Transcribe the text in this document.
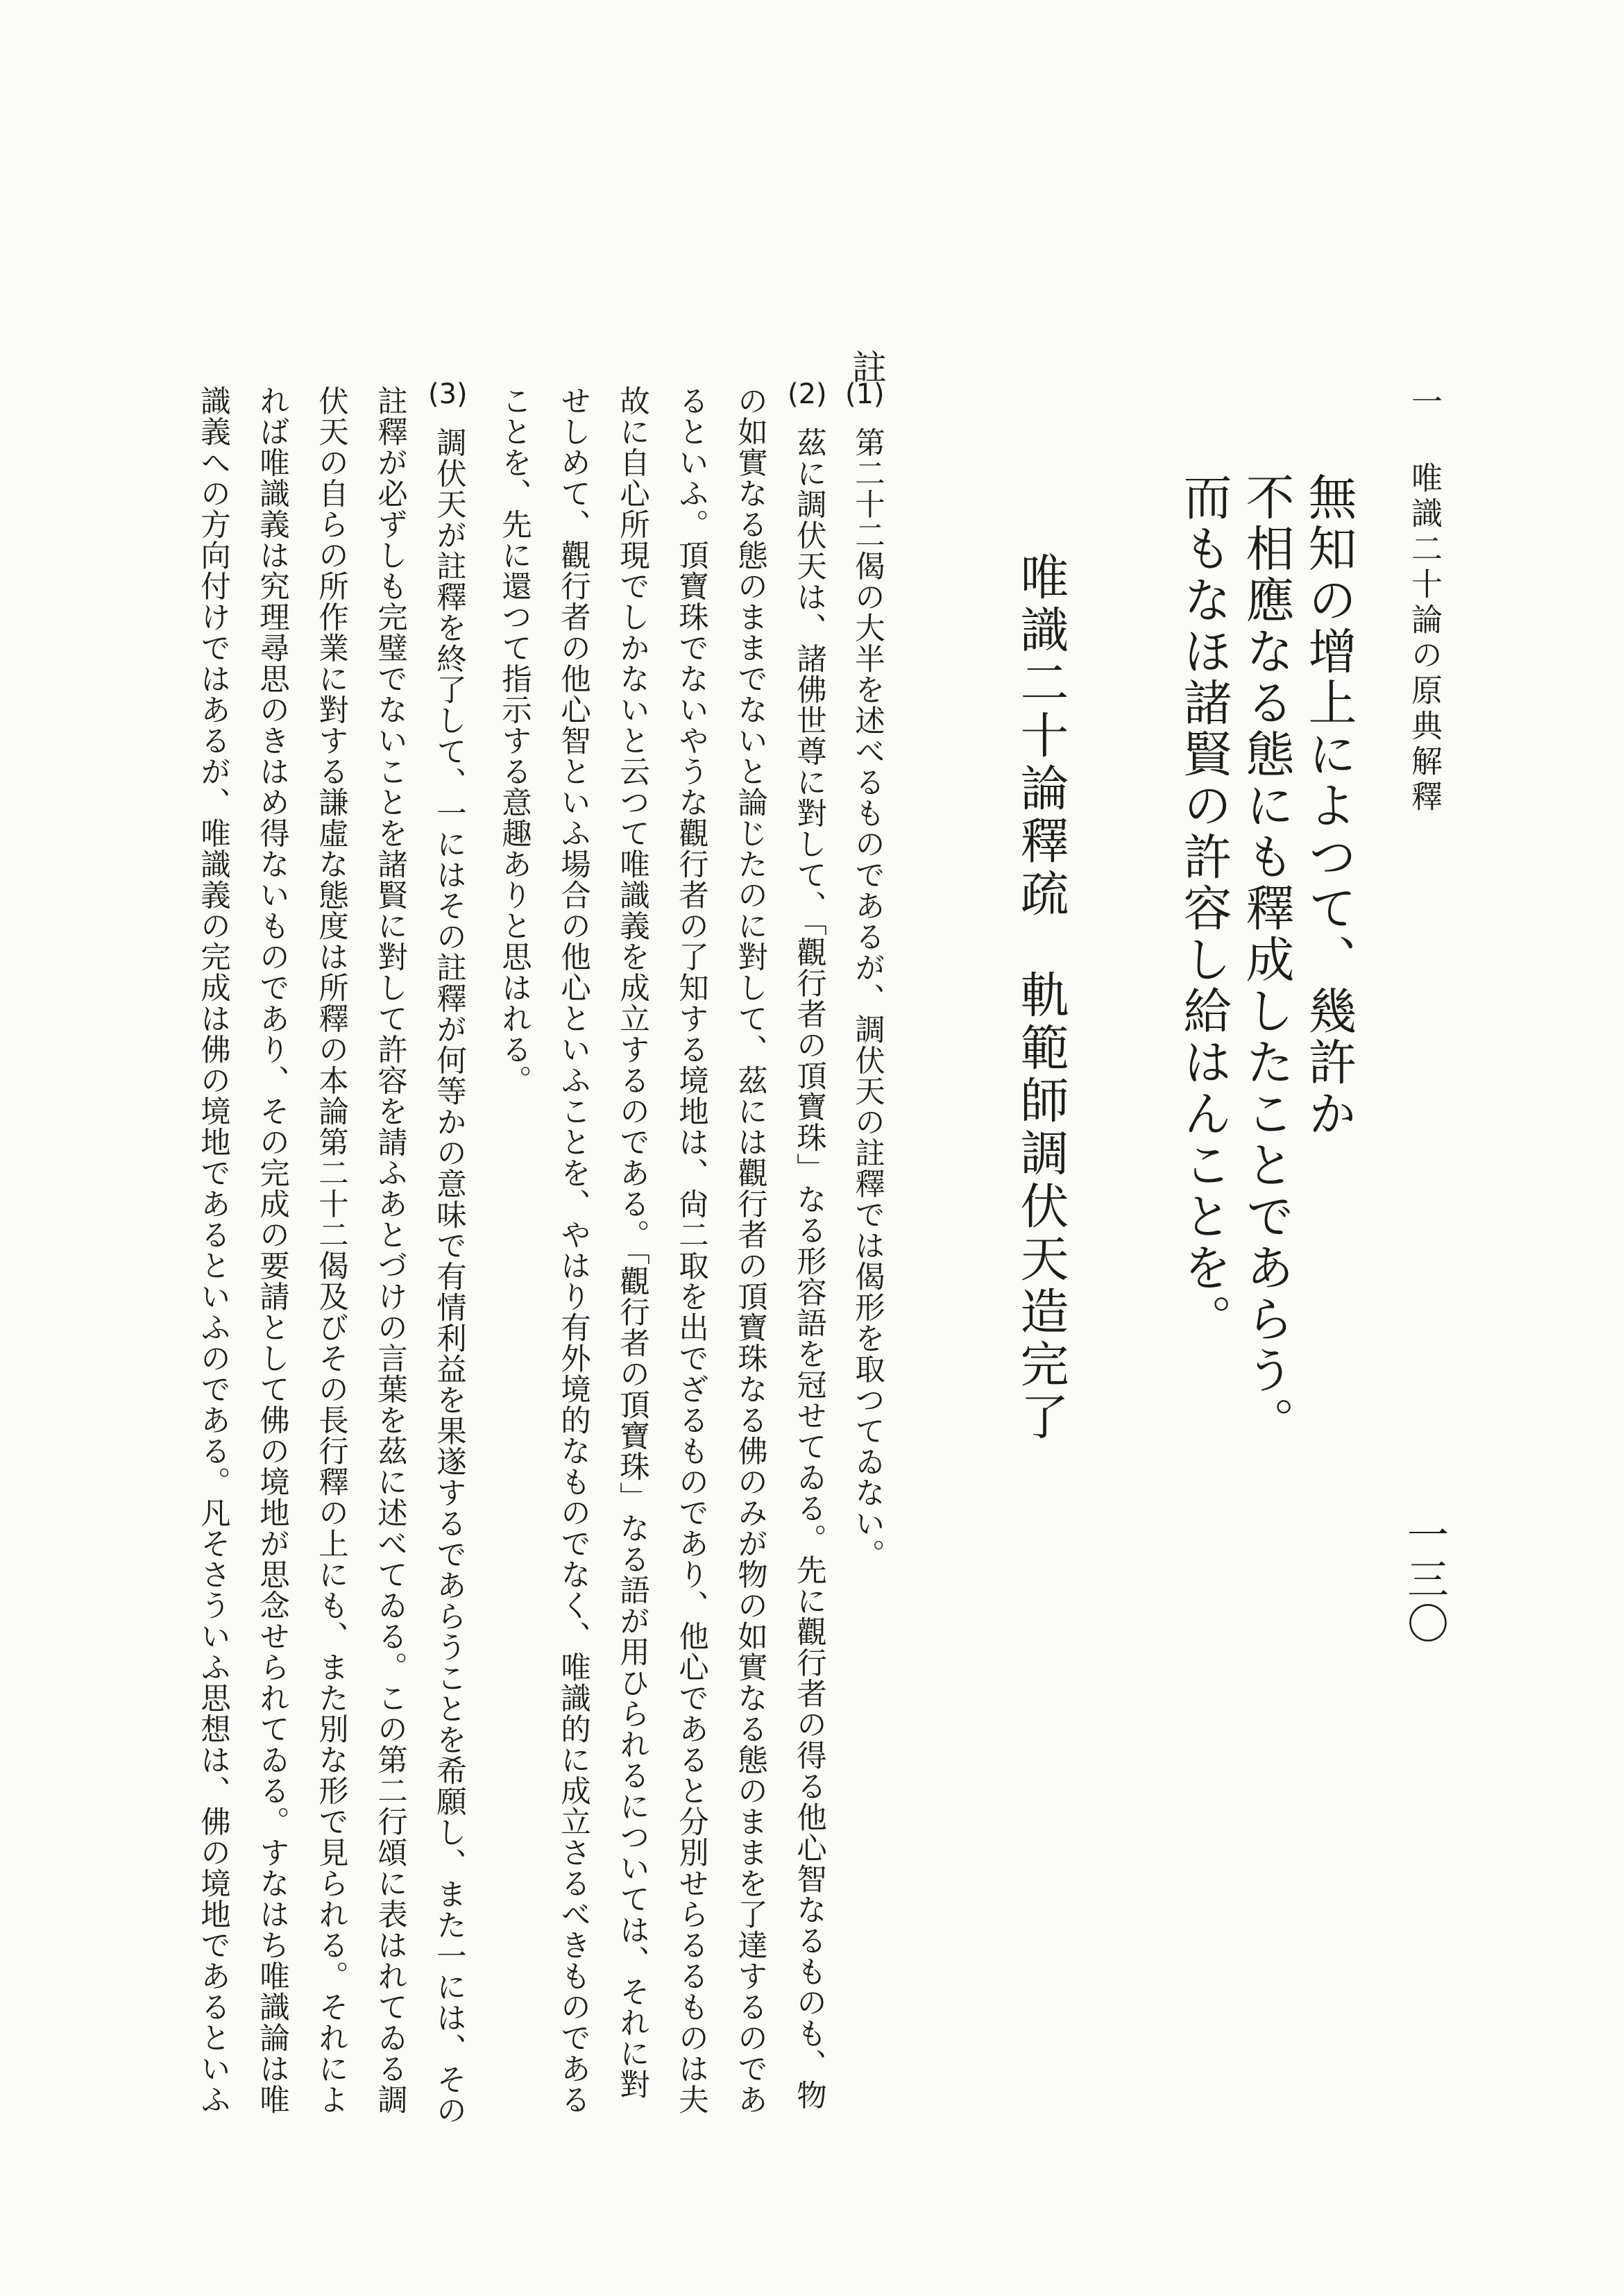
一 唯識二十論の原典解釋
一三〇
無知の增上によつて、幾許か
不相應なる態にも釋成したことであらう。
而もなほ諸賢の許容し給はんことを。
唯識二十論釋疏軌範師調伏天造完了
註
(1)
(2)
(3)
第二十二偈の大半を述べるものであるが、調伏天の註釋では偈形を取つてゐない。
茲に調伏天は、諸佛世尊に對して、「觀行者の頂寶珠」なる形容語を冠せてゐる。先に觀行者の得る他心智なるものも、物
の如實なる態のままでないと論じたのに對して、茲には觀行者の頂寶珠なる佛のみが物の如實なる態のままを了達するのであ
るといふ。頂寶珠でないやうな觀行者の了知する境地は、尙二取を出でざるものであり、他心であると分別せらるるものは夫
故に自心所現でしかないと云つて唯識義を成立するのである。「觀行者の頂寶珠」なる語が用ひられるについては、それに對
せしめて、觀行者の他心智といふ場合の他心といふことを、やはり有外境的なものでなく、唯識的に成立さるべきものである
ことを、先に還つて指示する意趣ありと思はれる。
調伏天が註釋を終了して、一にはその註釋が何等かの意味で有情利益を果遂するであらうことを希願し、また一には、その
註釋が必ずしも完璧でないことを諸賢に對して許容を請ふあとづけの言葉を茲に述べてゐる。この第二行頌に表はれてゐる調
伏天の自らの所作業に對する謙虛な態度は所釋の本論第二十二偈及びその長行釋の上にも、また別な形で見られる。それによ
れば唯識義は究理尋思のきはめ得ないものであり、その完成の要請として佛の境地が思念せられてゐる。すなはち唯識論は唯
識義への方向付けではあるが、唯識義の完成は佛の境地であるといふのである。凡そさういふ思想は、佛の境地であるといふ
